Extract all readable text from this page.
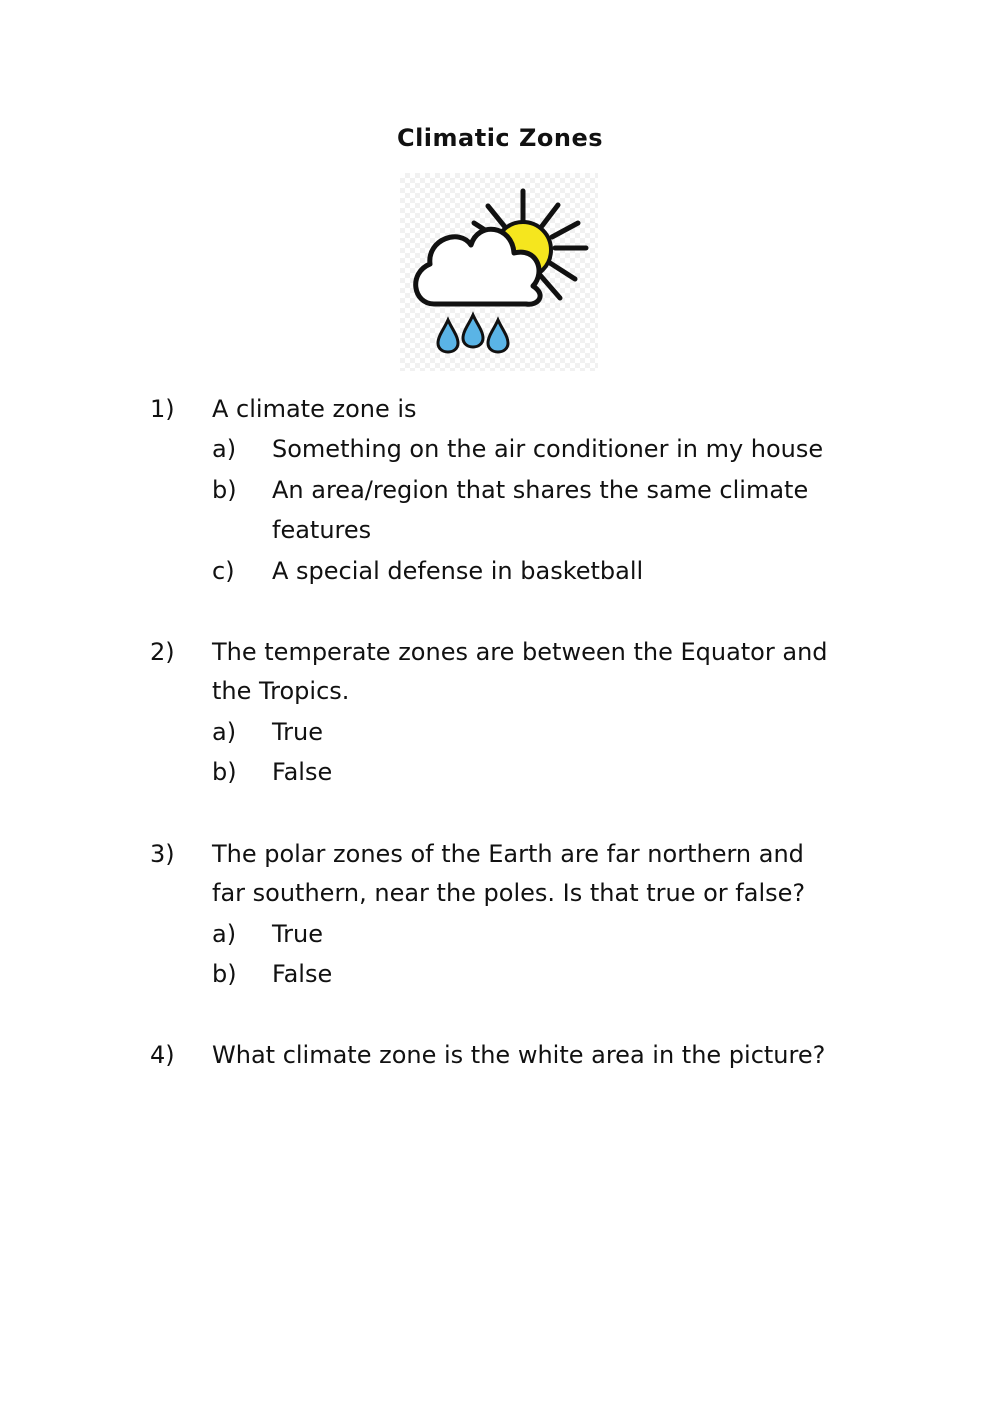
Climatic Zones
1) A climate zone is
a) Something on the air conditioner in my house
b) An area/region that shares the same climate
features
c) A special defense in basketball
2) The temperate zones are between the Equator and
the Tropics.
a) True
b) False
3) The polar zones of the Earth are far northern and
far southern, near the poles. Is that true or false?
a) True
b) False
4) What climate zone is the white area in the picture?
